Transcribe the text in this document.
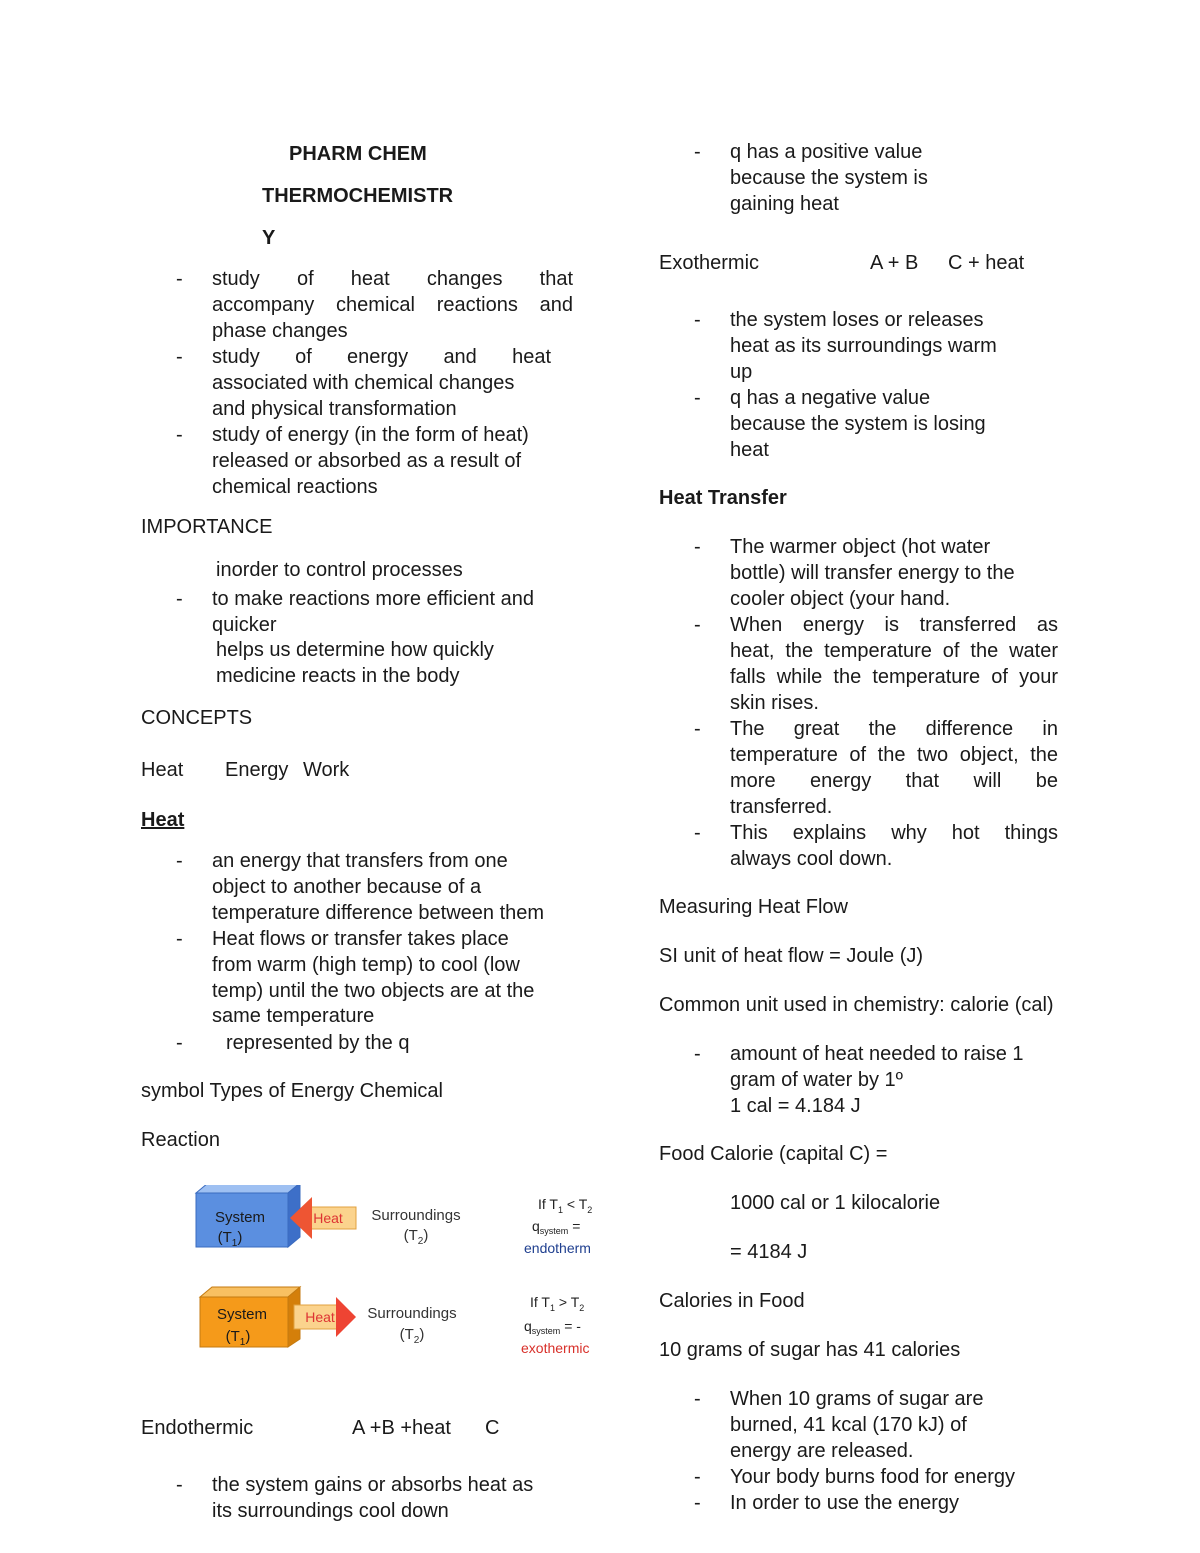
PHARM CHEM
THERMOCHEMISTR
Y
- study of heat changes that
accompany chemical reactions and
phase changes
- study of energy and heat
associated with chemical changes
and physical transformation
- study of energy (in the form of heat)
released or absorbed as a result of
chemical reactions
IMPORTANCE
inorder to control processes
- to make reactions more efficient and
quicker
helps us determine how quickly
medicine reacts in the body
CONCEPTS
Heat Energy Work
Heat
- an energy that transfers from one
object to another because of a
temperature difference between them
- Heat flows or transfer takes place
from warm (high temp) to cool (low
temp) until the two objects are at the
same temperature
- represented by the q
symbol Types of Energy Chemical
Reaction
System
$(T_1)$
Heat Surroundings
$(T_2)$
If $T_1 < T_2$
$q_{system}$ =
endotherm
System
$(T_1)$
Heat Surroundings
$(T_2)$
If $T_1 > T_2$
$q_{system}$ = -
exothermic
Endothermic	A +B +heat C
- the system gains or absorbs heat as
its surroundings cool down
- q has a positive value
because the system is
gaining heat
Exothermic	A + B C + heat
- the system loses or releases
heat as its surroundings warm
up
- q has a negative value
because the system is losing
heat
Heat Transfer
- The warmer object (hot water
bottle) will transfer energy to the
cooler object (your hand.
- When energy is transferred as
heat, the temperature of the water
falls while the temperature of your
skin rises.
- The great the difference in
temperature of the two object, the
more energy that will be
transferred.
- This explains why hot things
always cool down.
Measuring Heat Flow
SI unit of heat flow = Joule (J)
Common unit used in chemistry: calorie (cal)
- amount of heat needed to raise 1
gram of water by 1º
1 cal = 4.184 J
Food Calorie (capital C) =
1000 cal or 1 kilocalorie
= 4184 J
Calories in Food
10 grams of sugar has 41 calories
- When 10 grams of sugar are
burned, 41 kcal (170 kJ) of
energy are released.
- Your body burns food for energy
- In order to use the energy
